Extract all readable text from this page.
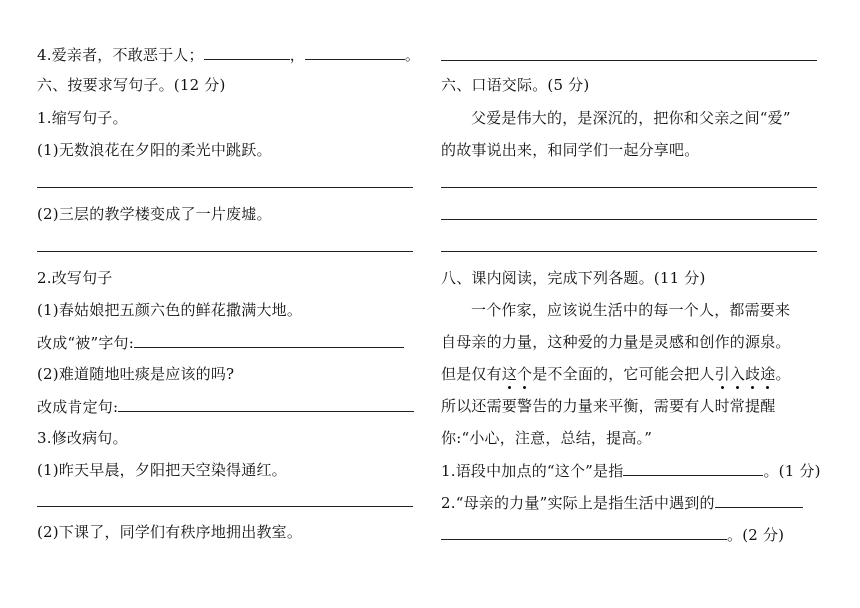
4.爱亲者，不敢恶于人；	，	。
六、按要求写句子。(12 分)
1.缩写句子。
(1)无数浪花在夕阳的柔光中跳跃。
(2)三层的教学楼变成了一片废墟。
2.改写句子
(1)春姑娘把五颜六色的鲜花撒满大地。
改成“被”字句:
(2)难道随地吐痰是应该的吗?
改成肯定句:
3.修改病句。
(1)昨天早晨，夕阳把天空染得通红。
(2)下课了，同学们有秩序地拥出教室。
六、口语交际。(5 分)
父爱是伟大的，是深沉的，把你和父亲之间“爱”
的故事说出来，和同学们一起分享吧。
八、课内阅读，完成下列各题。(11 分)
一个作家，应该说生活中的每一个人，都需要来
自母亲的力量，这种爱的力量是灵感和创作的源泉。
但是仅有这个是不全面的，它可能会把人引入歧途。
所以还需要警告的力量来平衡，需要有人时常提醒
你:“小心，注意，总结，提高。”
1.语段中加点的“这个”是指	。(1 分)
2.“母亲的力量”实际上是指生活中遇到的
。(2 分)
